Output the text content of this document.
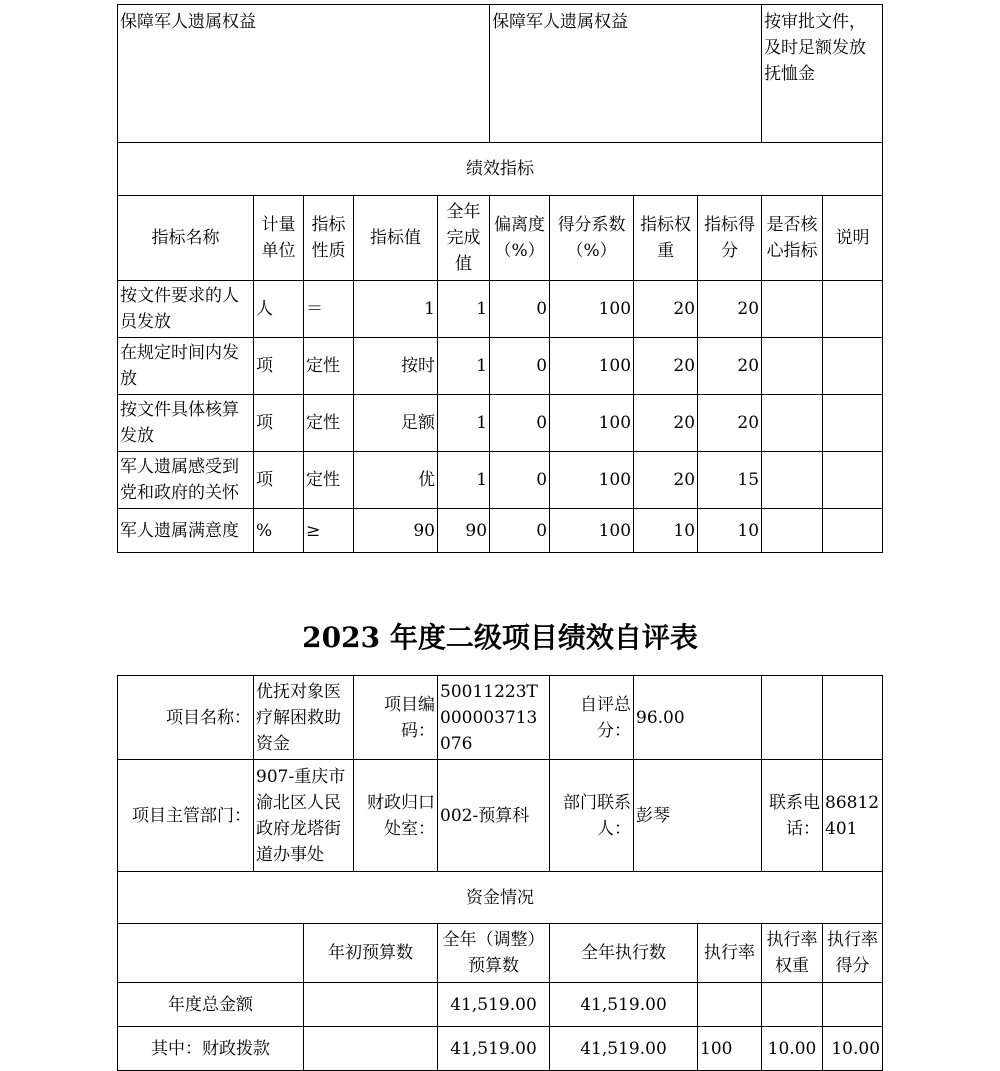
保障军人遗属权益					保障军人遗属权益				按审批文件，及时足额发放抚恤金	
绩效指标										
指标名称	计量单位	指标性质	指标值	全年完成值	偏离度（%）	得分系数（%）	指标权重	指标得分	是否核心指标	说明
按文件要求的人员发放	人	＝	1	1	0	100	20	20		
在规定时间内发放	项	定性	按时	1	0	100	20	20		
按文件具体核算发放	项	定性	足额	1	0	100	20	20		
军人遗属感受到党和政府的关怀	项	定性	优	1	0	100	20	15		
军人遗属满意度	%	≥	90	90	0	100	10	10		
2023 年度二级项目绩效自评表
项目名称：	优抚对象医疗解困救助资金		项目编码：	50011223T000003713076	自评总分：	96.00			
项目主管部门：	907-重庆市渝北区人民政府龙塔街道办事处		财政归口处室：	002-预算科	部门联系人：	彭琴		联系电话：	86812401
资金情况									
		年初预算数		全年（调整）预算数	全年执行数		执行率	执行率权重	执行率得分
年度总金额				41,519.00	41,519.00				
其中：财政拨款				41,519.00	41,519.00		100	10.00	10.00
